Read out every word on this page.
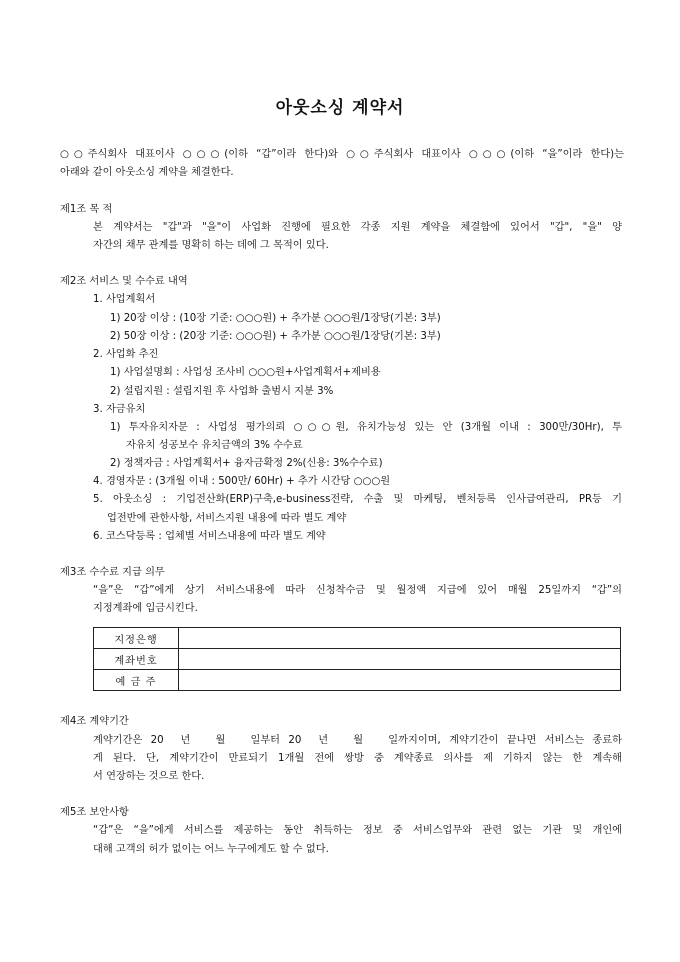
아웃소싱 계약서
○○주식회사 대표이사 ○○○(이하 “갑”이라 한다)와 ○○주식회사 대표이사 ○○○(이하 “을”이라 한다)는
아래와 같이 아웃소싱 계약을 체결한다.
제1조 목 적
본 계약서는 "갑"과 "을"이 사업화 진행에 필요한 각종 지원 계약을 체결함에 있어서 "갑", "을" 양
자간의 채무 관계를 명확히 하는 데에 그 목적이 있다.
제2조 서비스 및 수수료 내역
1. 사업계획서
1) 20장 이상 : (10장 기준: ○○○원) + 추가분 ○○○원/1장당(기본: 3부)
2) 50장 이상 : (20장 기준: ○○○원) + 추가분 ○○○원/1장당(기본: 3부)
2. 사업화 추진
1) 사업설명회 : 사업성 조사비 ○○○원+사업계획서+제비용
2) 설립지원 : 설립지원 후 사업화 출범시 지분 3%
3. 자금유치
1) 투자유치자문 : 사업성 평가의뢰 ○○○원, 유치가능성 있는 안 (3개월 이내 : 300만/30Hr), 투
자유치 성공보수 유치금액의 3% 수수료
2) 정책자금 : 사업계획서+ 융자금확정 2%(신용: 3%수수료)
4. 경영자문 : (3개월 이내 : 500만/ 60Hr) + 추가 시간당 ○○○원
5. 아웃소싱 : 기업전산화(ERP)구축,e-business전략, 수출 및 마케팅, 벤처등록 인사급여관리, PR등 기
업전반에 관한사항, 서비스지원 내용에 따라 별도 계약
6. 코스닥등록 : 업체별 서비스내용에 따라 별도 계약
제3조 수수료 지급 의무
“을”은 “갑”에게 상기 서비스내용에 따라 신청착수금 및 월정액 지급에 있어 매월 25일까지 “갑”의
지정계좌에 입금시킨다.
지정은행	
계좌번호	
예 금 주	
제4조 계약기간
계약기간은 20  년   월   일부터 20  년   월   일까지이며, 계약기간이 끝나면 서비스는 종료하
게 된다. 단, 계약기간이 만료되기 1개월 전에 쌍방 중 계약종료 의사를 제 기하지 않는 한 계속해
서 연장하는 것으로 한다.
제5조 보안사항
“갑”은 “을”에게 서비스를 제공하는 동안 취득하는 정보 중 서비스업무와 관련 없는 기관 및 개인에
대해 고객의 허가 없이는 어느 누구에게도 할 수 없다.
